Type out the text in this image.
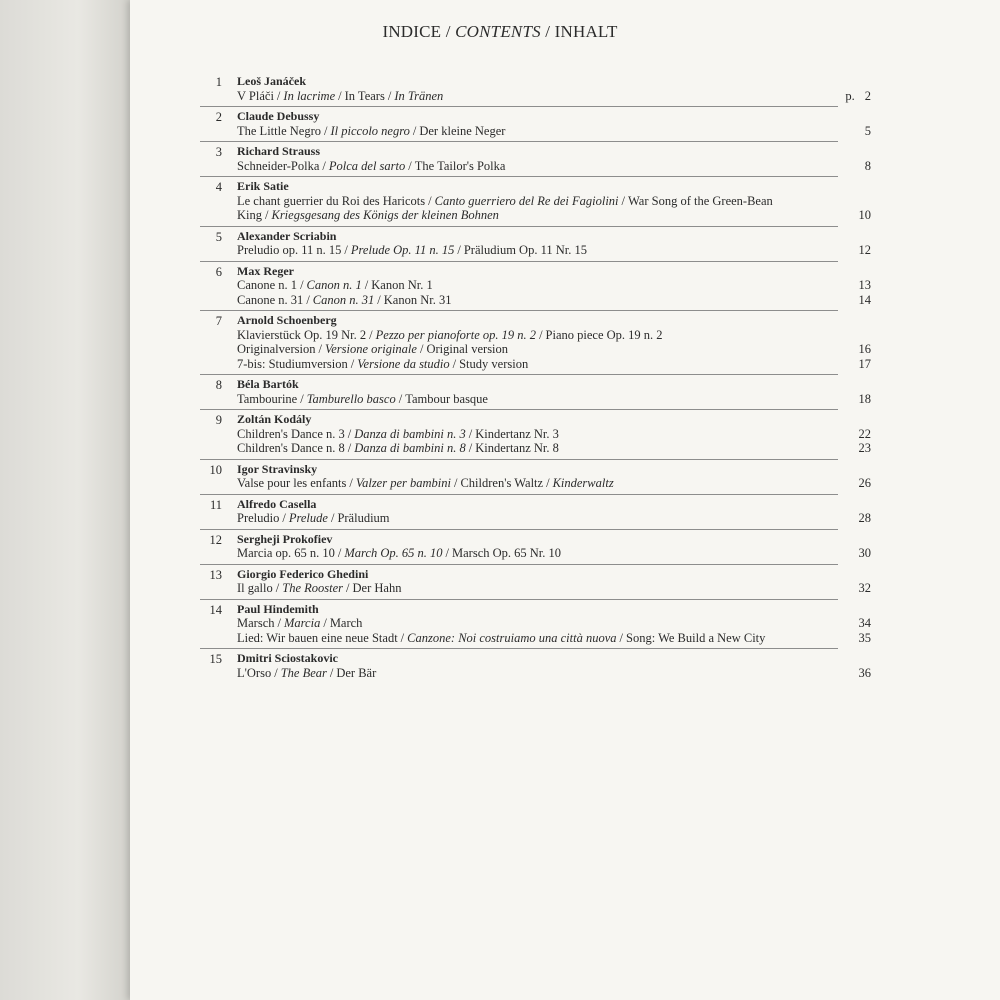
INDICE / CONTENTS / INHALT
1 Leoš Janáček
V Pláči / In lacrime / In Tears / In Tränen	p. 2
2 Claude Debussy
The Little Negro / Il piccolo negro / Der kleine Neger	5
3 Richard Strauss
Schneider-Polka / Polca del sarto / The Tailor's Polka	8
4 Erik Satie
Le chant guerrier du Roi des Haricots / Canto guerriero del Re dei Fagiolini / War Song of the Green-Bean King / Kriegsgesang des Königs der kleinen Bohnen	10
5 Alexander Scriabin
Preludio op. 11 n. 15 / Prelude Op. 11 n. 15 / Präludium Op. 11 Nr. 15	12
6 Max Reger
Canone n. 1 / Canon n. 1 / Kanon Nr. 1	13
Canone n. 31 / Canon n. 31 / Kanon Nr. 31	14
7 Arnold Schoenberg
Klavierstück Op. 19 Nr. 2 / Pezzo per pianoforte op. 19 n. 2 / Piano piece Op. 19 n. 2
Originalversion / Versione originale / Original version	16
7-bis: Studiumversion / Versione da studio / Study version	17
8 Béla Bartók
Tambourine / Tamburello basco / Tambour basque	18
9 Zoltán Kodály
Children's Dance n. 3 / Danza di bambini n. 3 / Kindertanz Nr. 3	22
Children's Dance n. 8 / Danza di bambini n. 8 / Kindertanz Nr. 8	23
10 Igor Stravinsky
Valse pour les enfants / Valzer per bambini / Children's Waltz / Kinderwaltz	26
11 Alfredo Casella
Preludio / Prelude / Präludium	28
12 Sergheji Prokofiev
Marcia op. 65 n. 10 / March Op. 65 n. 10 / Marsch Op. 65 Nr. 10	30
13 Giorgio Federico Ghedini
Il gallo / The Rooster / Der Hahn	32
14 Paul Hindemith
Marsch / Marcia / March	34
Lied: Wir bauen eine neue Stadt / Canzone: Noi costruiamo una città nuova / Song: We Build a New City	35
15 Dmitri Sciostakovic
L'Orso / The Bear / Der Bär	36
